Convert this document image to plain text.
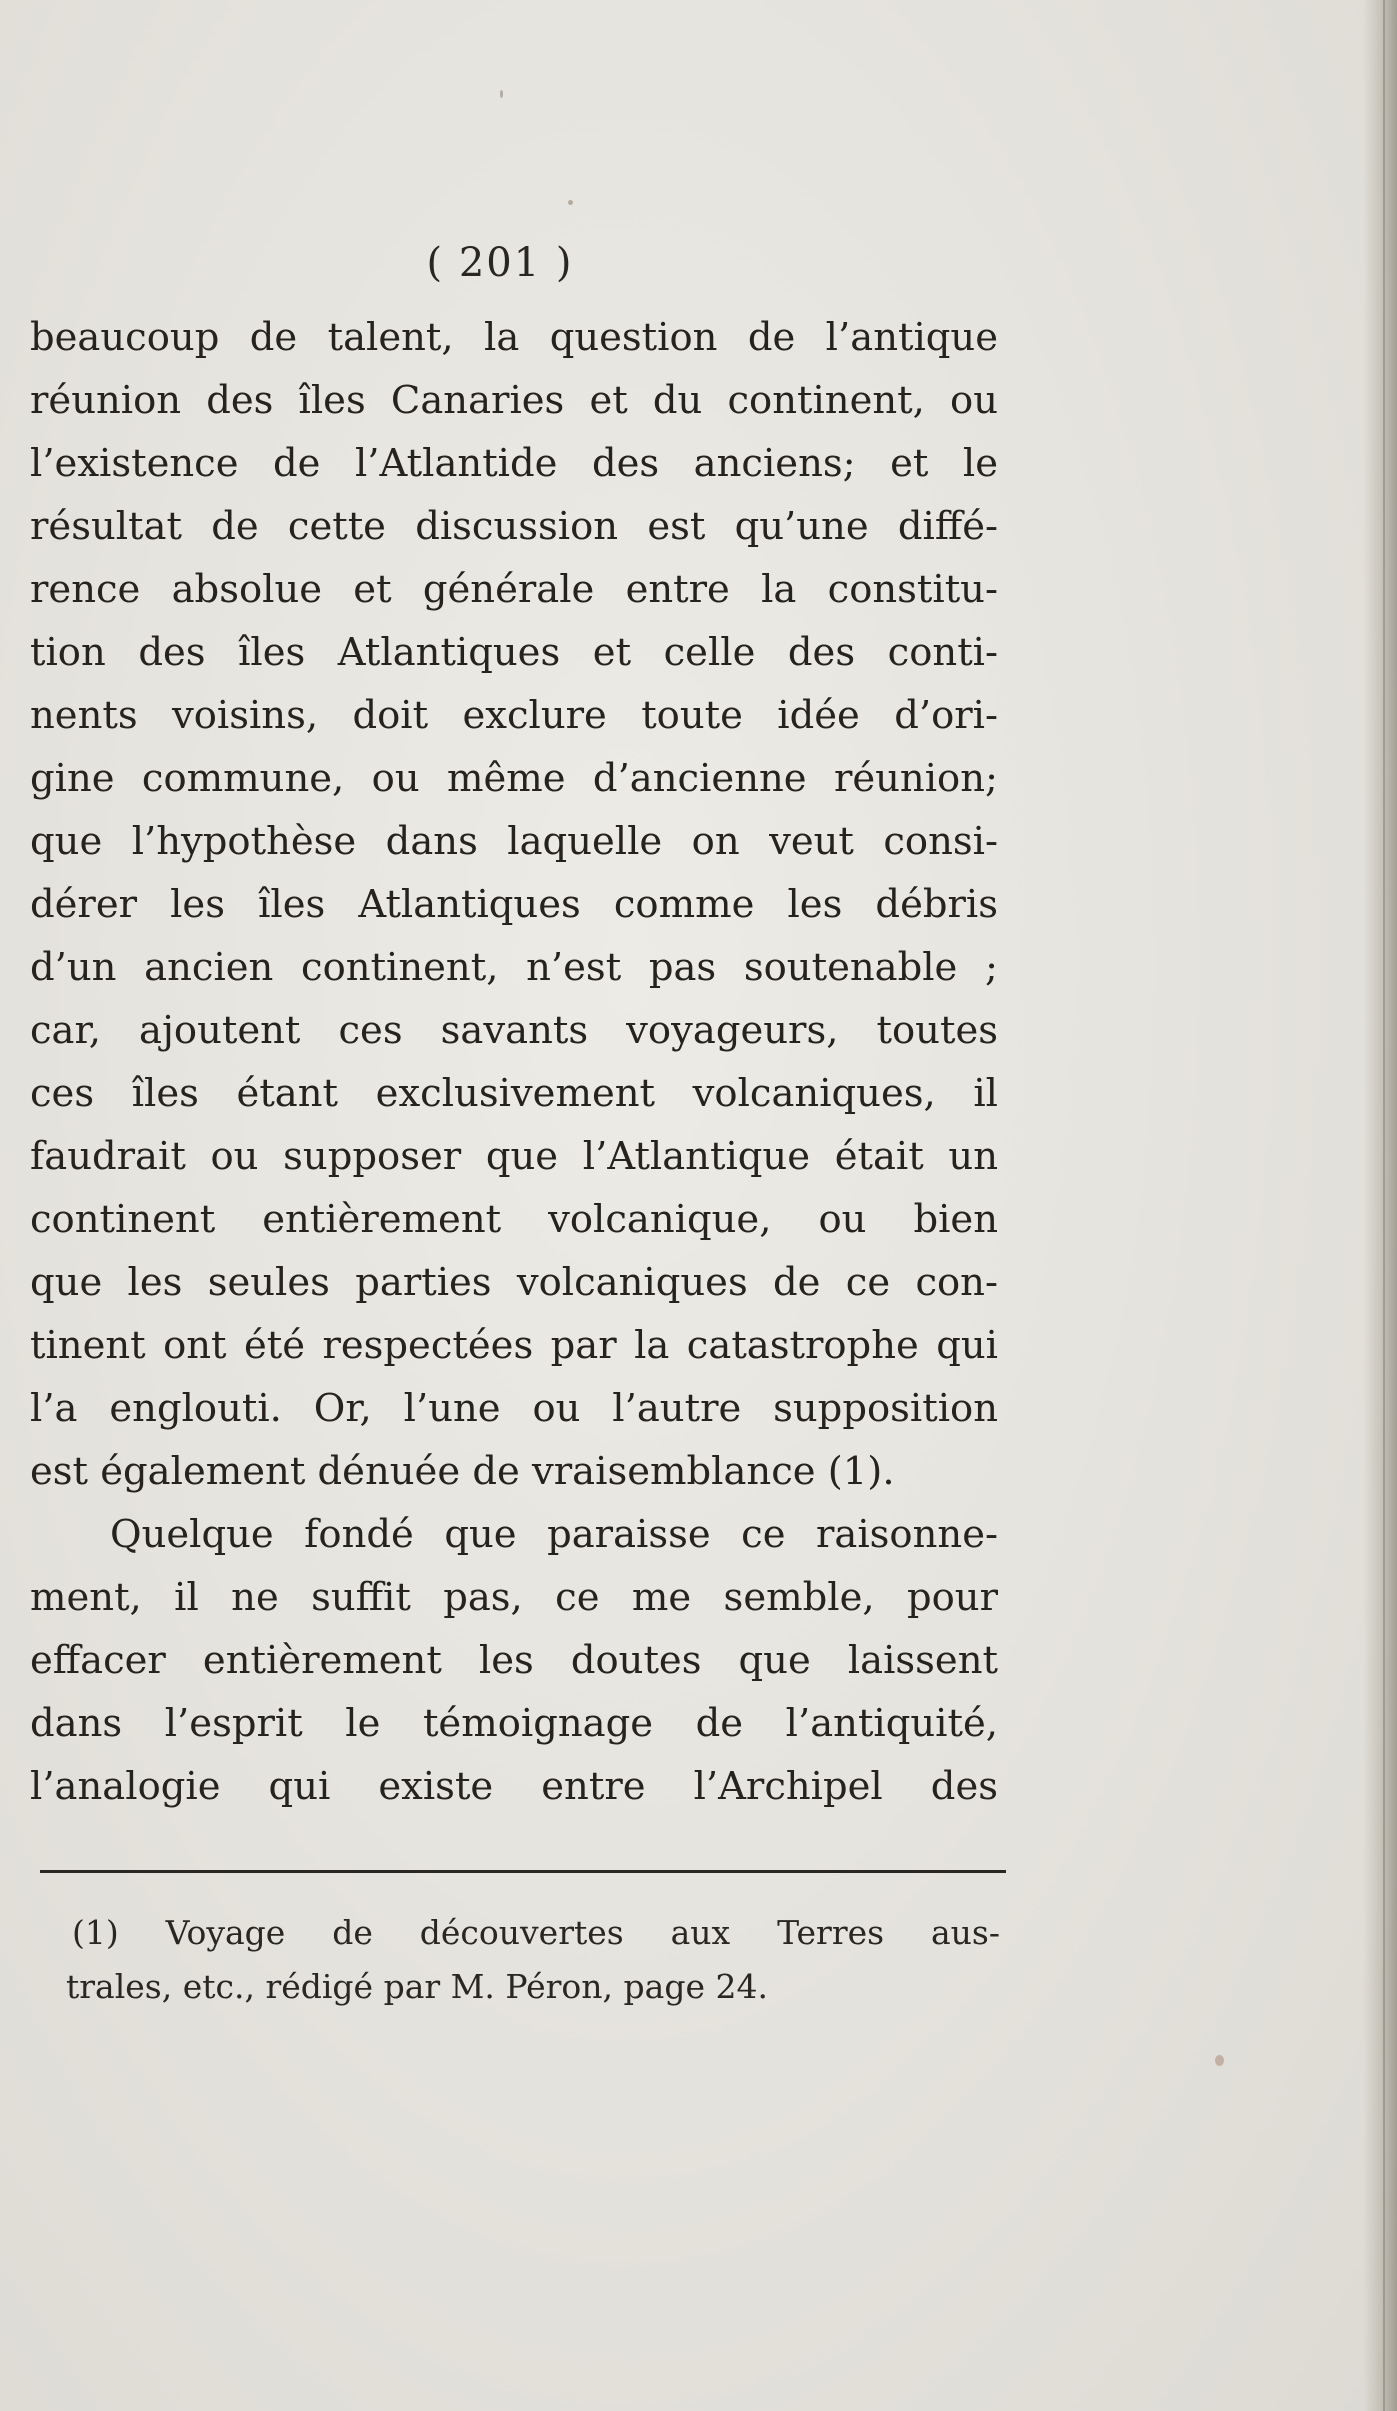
( 201 )
beaucoup de talent, la question de l’antique
réunion des îles Canaries et du continent, ou
l’existence de l’Atlantide des anciens; et le
résultat de cette discussion est qu’une diffé-
rence absolue et générale entre la constitu-
tion des îles Atlantiques et celle des conti-
nents voisins, doit exclure toute idée d’ori-
gine commune, ou même d’ancienne réunion;
que l’hypothèse dans laquelle on veut consi-
dérer les îles Atlantiques comme les débris
d’un ancien continent, n’est pas soutenable ;
car, ajoutent ces savants voyageurs, toutes
ces îles étant exclusivement volcaniques, il
faudrait ou supposer que l’Atlantique était un
continent entièrement volcanique, ou bien
que les seules parties volcaniques de ce con-
tinent ont été respectées par la catastrophe qui
l’a englouti. Or, l’une ou l’autre supposition
est également dénuée de vraisemblance (1).
Quelque fondé que paraisse ce raisonne-
ment, il ne suffit pas, ce me semble, pour
effacer entièrement les doutes que laissent
dans l’esprit le témoignage de l’antiquité,
l’analogie qui existe entre l’Archipel des
(1) Voyage de découvertes aux Terres aus-
trales, etc., rédigé par M. Péron, page 24.
